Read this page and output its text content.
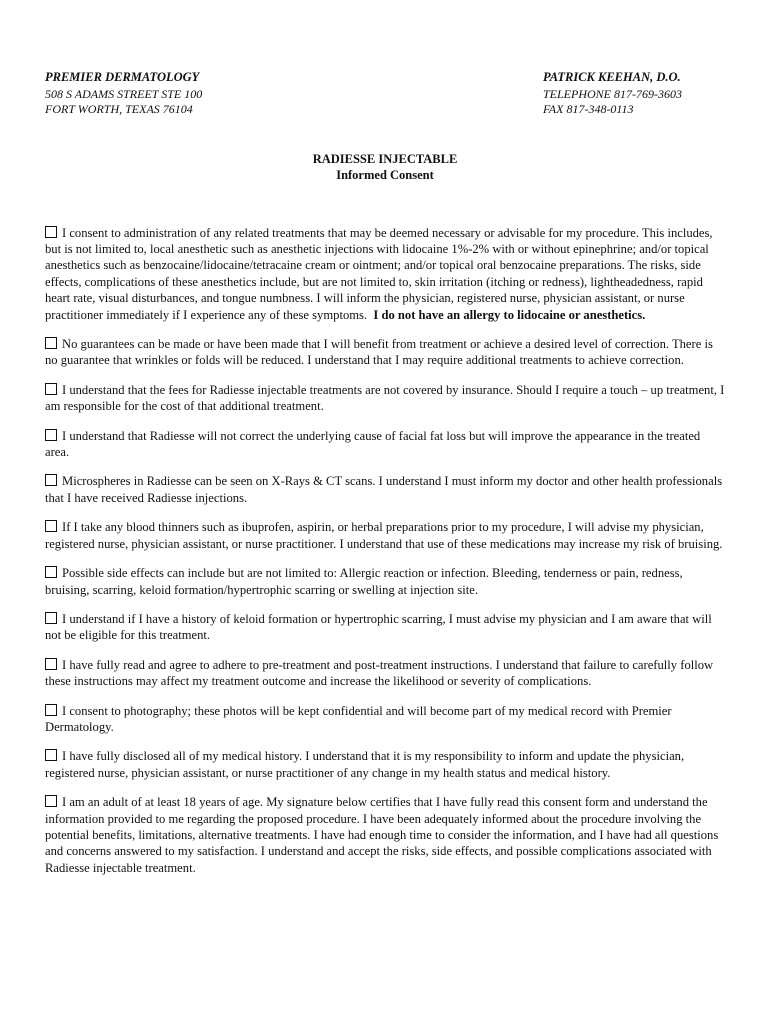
PREMIER DERMATOLOGY
508 S ADAMS STREET STE 100
FORT WORTH, TEXAS 76104
PATRICK KEEHAN, D.O.
TELEPHONE 817-769-3603
FAX 817-348-0113
RADIESSE INJECTABLE
Informed Consent

I consent to administration of any related treatments that may be deemed necessary or advisable for my procedure. This includes, but is not limited to, local anesthetic such as anesthetic injections with lidocaine 1%-2% with or without epinephrine; and/or topical anesthetics such as benzocaine/lidocaine/tetracaine cream or ointment; and/or topical oral benzocaine preparations. The risks, side effects, complications of these anesthetics include, but are not limited to, skin irritation (itching or redness), lightheadedness, rapid heart rate, visual disturbances, and tongue numbness. I will inform the physician, registered nurse, physician assistant, or nurse practitioner immediately if I experience any of these symptoms. I do not have an allergy to lidocaine or anesthetics.

No guarantees can be made or have been made that I will benefit from treatment or achieve a desired level of correction. There is no guarantee that wrinkles or folds will be reduced. I understand that I may require additional treatments to achieve correction.

I understand that the fees for Radiesse injectable treatments are not covered by insurance. Should I require a touch – up treatment, I am responsible for the cost of that additional treatment.

I understand that Radiesse will not correct the underlying cause of facial fat loss but will improve the appearance in the treated area.

Microspheres in Radiesse can be seen on X-Rays & CT scans. I understand I must inform my doctor and other health professionals that I have received Radiesse injections.

If I take any blood thinners such as ibuprofen, aspirin, or herbal preparations prior to my procedure, I will advise my physician, registered nurse, physician assistant, or nurse practitioner. I understand that use of these medications may increase my risk of bruising.

Possible side effects can include but are not limited to: Allergic reaction or infection. Bleeding, tenderness or pain, redness, bruising, scarring, keloid formation/hypertrophic scarring or swelling at injection site.

I understand if I have a history of keloid formation or hypertrophic scarring, I must advise my physician and I am aware that will not be eligible for this treatment.

I have fully read and agree to adhere to pre-treatment and post-treatment instructions. I understand that failure to carefully follow these instructions may affect my treatment outcome and increase the likelihood or severity of complications.

I consent to photography; these photos will be kept confidential and will become part of my medical record with Premier Dermatology.

I have fully disclosed all of my medical history. I understand that it is my responsibility to inform and update the physician, registered nurse, physician assistant, or nurse practitioner of any change in my health status and medical history.

I am an adult of at least 18 years of age. My signature below certifies that I have fully read this consent form and understand the information provided to me regarding the proposed procedure. I have been adequately informed about the procedure involving the potential benefits, limitations, alternative treatments. I have had enough time to consider the information, and I have had all questions and concerns answered to my satisfaction. I understand and accept the risks, side effects, and possible complications associated with Radiesse injectable treatment.
